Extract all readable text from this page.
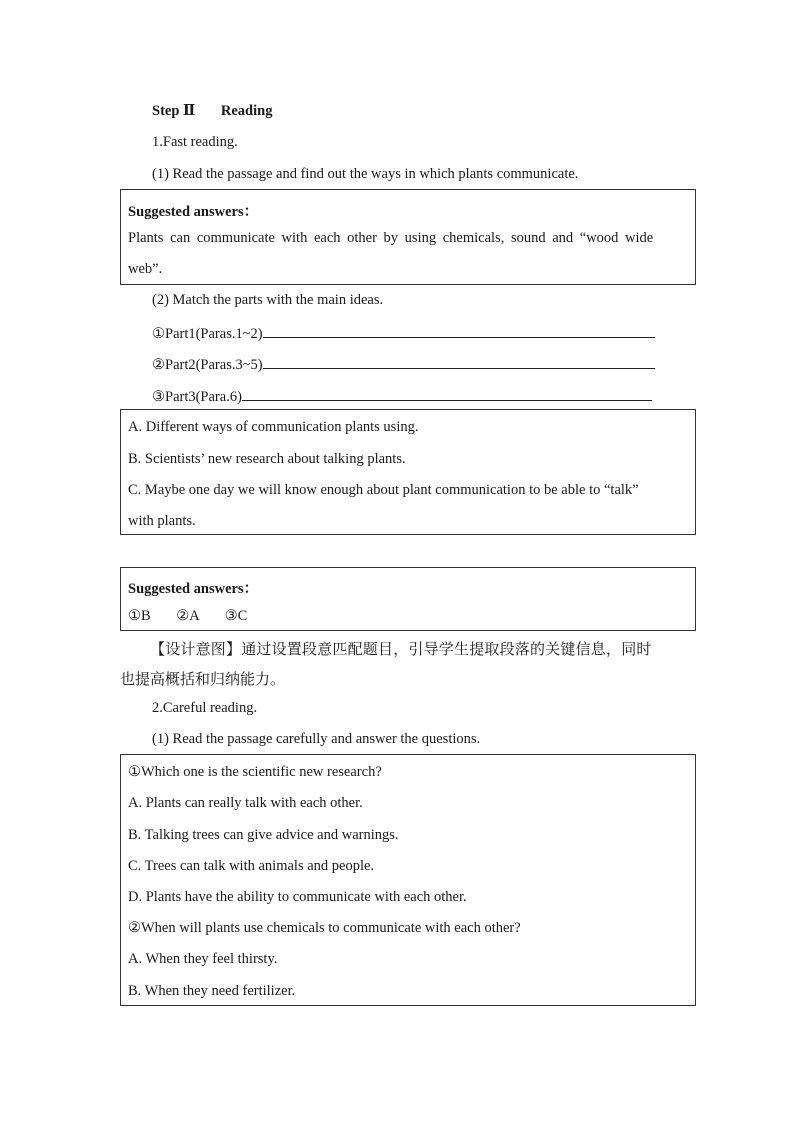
Step Ⅱ Reading
1.Fast reading.
(1) Read the passage and find out the ways in which plants communicate.
Suggested answers：
Plants can communicate with each other by using chemicals, sound and “wood wide
web”.
(2) Match the parts with the main ideas.
①Part1(Paras.1~2)
②Part2(Paras.3~5)
③Part3(Para.6)
A. Different ways of communication plants using.
B. Scientists’ new research about talking plants.
C. Maybe one day we will know enough about plant communication to be able to “talk”
with plants.
Suggested answers：
①B ②A ③C
【设计意图】通过设置段意匹配题目，引导学生提取段落的关键信息，同时
也提高概括和归纳能力。
2.Careful reading.
(1) Read the passage carefully and answer the questions.
①Which one is the scientific new research?
A. Plants can really talk with each other.
B. Talking trees can give advice and warnings.
C. Trees can talk with animals and people.
D. Plants have the ability to communicate with each other.
②When will plants use chemicals to communicate with each other?
A. When they feel thirsty.
B. When they need fertilizer.
